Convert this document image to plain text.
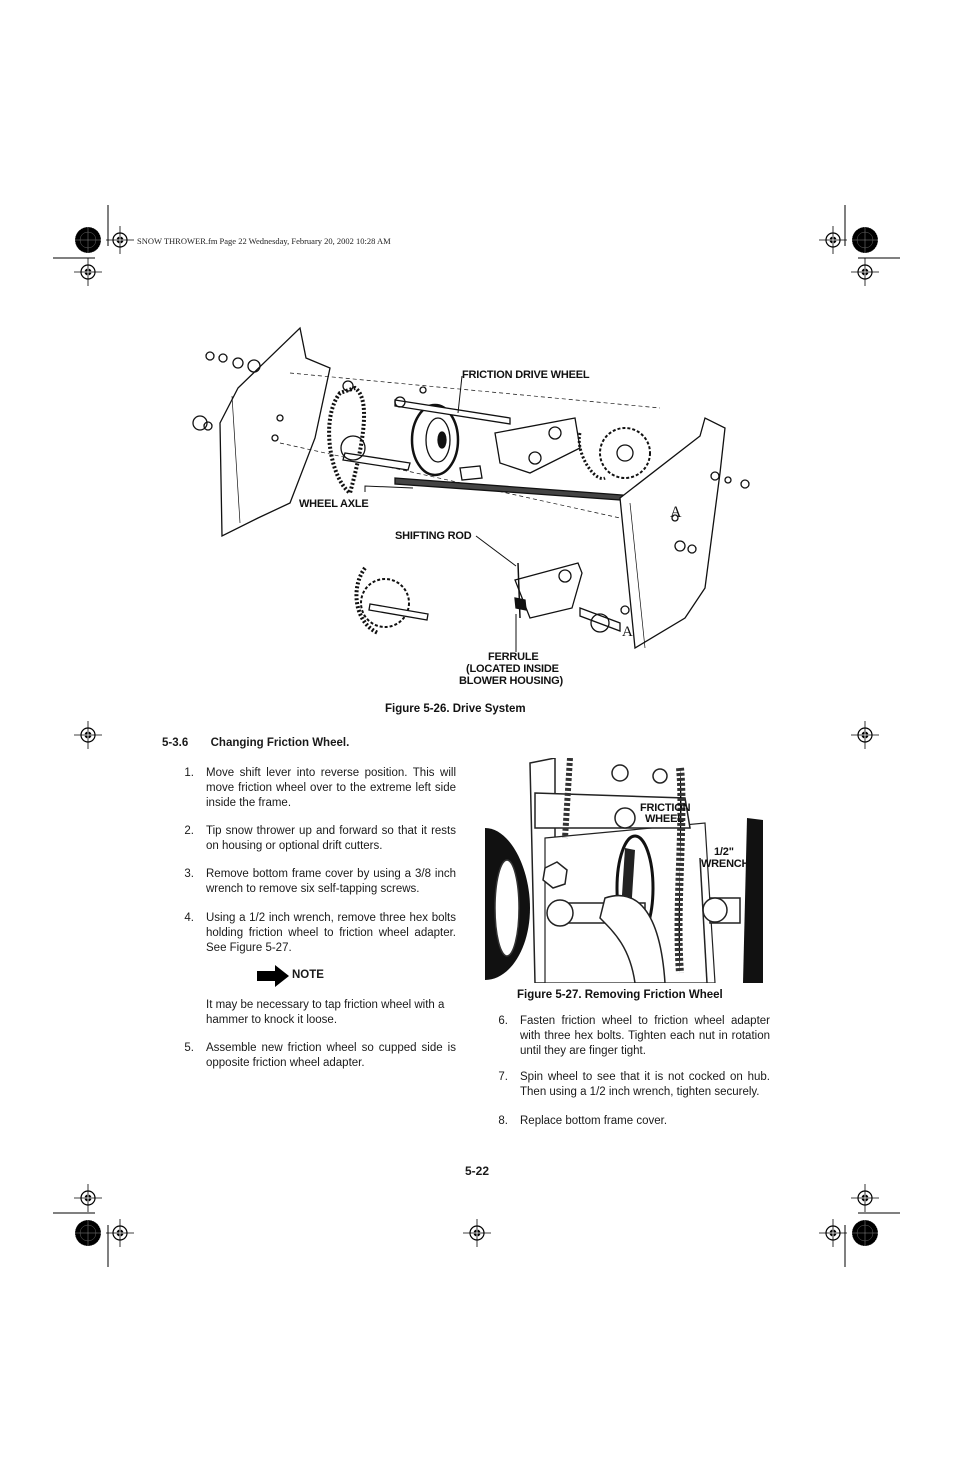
SNOW THROWER.fm Page 22 Wednesday, February 20, 2002 10:28 AM
A
A
FRICTION DRIVE WHEEL
WHEEL AXLE
SHIFTING ROD
FERRULE
(LOCATED INSIDE
BLOWER HOUSING)
Figure 5-26. Drive System
5-3.6 Changing Friction Wheel.
1. Move shift lever into reverse position. This will move friction wheel over to the extreme left side inside the frame.
2. Tip snow thrower up and forward so that it rests on housing or optional drift cutters.
3. Remove bottom frame cover by using a 3/8 inch wrench to remove six self-tapping screws.
4. Using a 1/2 inch wrench, remove three hex bolts holding friction wheel to friction wheel adapter. See Figure 5-27.
NOTE
It may be necessary to tap friction wheel with a hammer to knock it loose.
5. Assemble new friction wheel so cupped side is opposite friction wheel adapter.
FRICTION
WHEEL
1/2"
WRENCH
Figure 5-27. Removing Friction Wheel
6. Fasten friction wheel to friction wheel adapter with three hex bolts. Tighten each nut in rotation until they are finger tight.
7. Spin wheel to see that it is not cocked on hub. Then using a 1/2 inch wrench, tighten securely.
8. Replace bottom frame cover.
5-22
